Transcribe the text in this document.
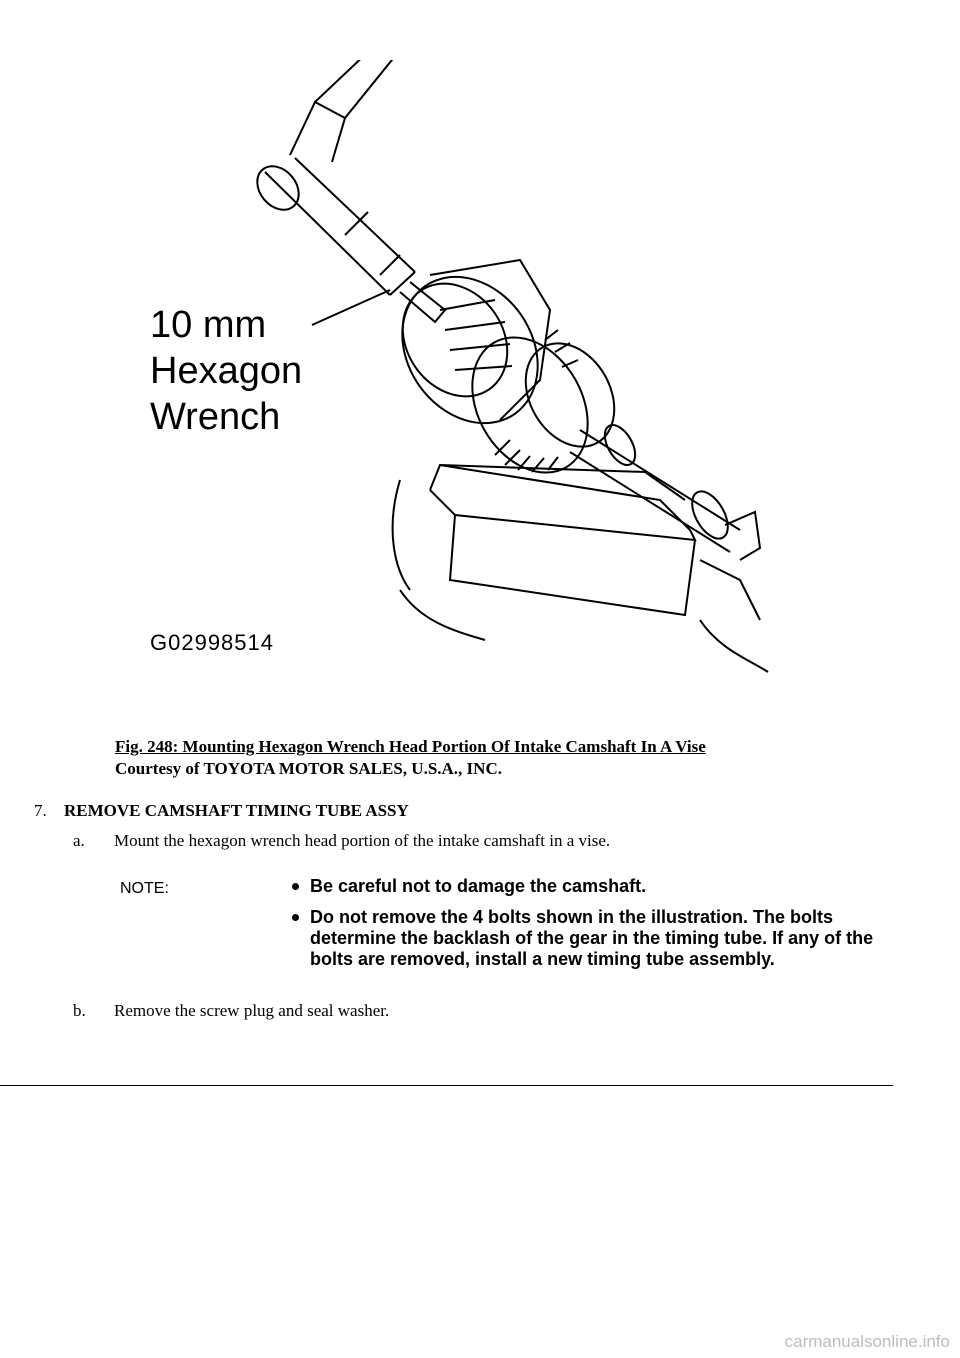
10 mm
Hexagon
Wrench
G02998514
Fig. 248: Mounting Hexagon Wrench Head Portion Of Intake Camshaft In A Vise
Courtesy of TOYOTA MOTOR SALES, U.S.A., INC.
7. REMOVE CAMSHAFT TIMING TUBE ASSY
a. Mount the hexagon wrench head portion of the intake camshaft in a vise.
NOTE:	Be careful not to damage the camshaft.
Do not remove the 4 bolts shown in the illustration. The bolts determine the backlash of the gear in the timing tube. If any of the bolts are removed, install a new timing tube assembly.
b. Remove the screw plug and seal washer.
carmanualsonline.info
